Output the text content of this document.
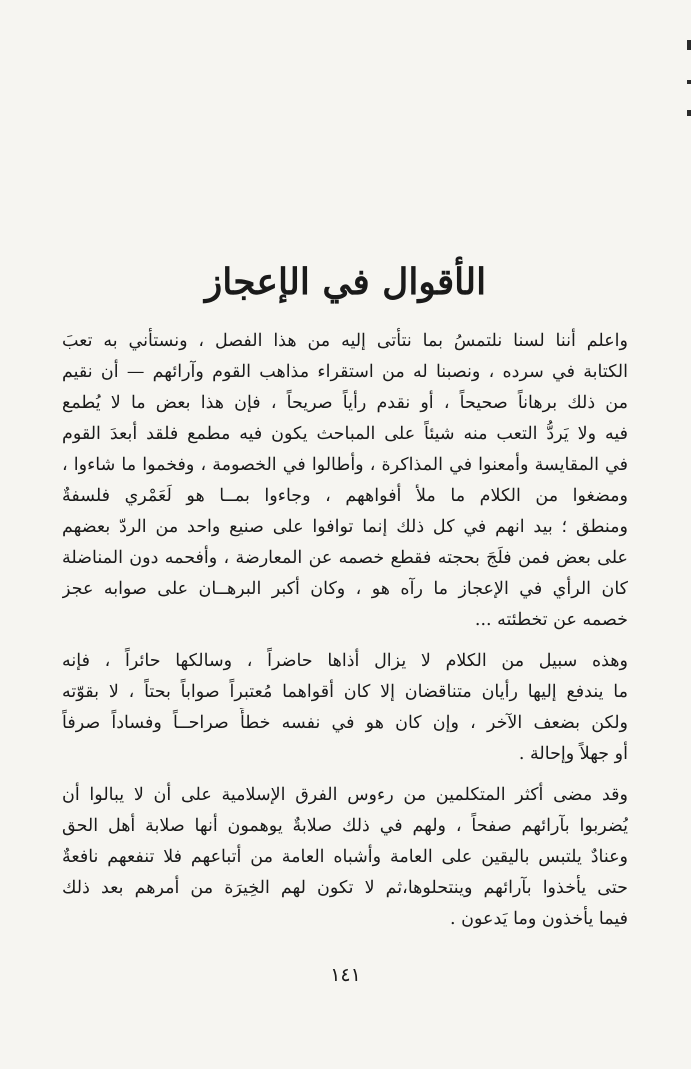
الأقوال في الإعجاز

واعلم أننا لسنا نلتمسُ بما نتأتى إليه من هذا الفصل ، ونستأني به تعبَ
الكتابة في سرده ، ونصبنا له من استقراء مذاهب القوم وآرائهم — أن نقيم
من ذلك برهاناً صحيحاً ، أو نقدم رأياً صريحاً ، فإن هذا بعض ما لا يُطمع
فيه ولا يَردُّ التعب منه شيئاً على المباحث يكون فيه مطمع فلقد أبعدَ القوم
في المقايسة وأمعنوا في المذاكرة ، وأطالوا في الخصومة ، وفخموا ما شاءوا ،
ومضغوا من الكلام ما ملأ أفواههم ، وجاءوا بمــا هو لَعَمْري فلسفةٌ
ومنطق ؛ بيد انهم في كل ذلك إنما توافوا على صنيع واحد من الردّ بعضهم
على بعض فمن فلَجَ بحجته فقطع خصمه عن المعارضة ، وأفحمه دون المناضلة
كان الرأي في الإعجاز ما رآه هو ، وكان أكبر البرهــان على صوابه عجز
خصمه عن تخطئته ...

وهذه سبيل من الكلام لا يزال أذاها حاضراً ، وسالكها حائراً ، فإنه
ما يندفع إليها رأيان متناقضان إلا كان أقواهما مُعتبراً صواباً بحتاً ، لا بقوّته
ولكن بضعف الآخر ، وإن كان هو في نفسه خطأً صراحــاً وفساداً صرفاً
أو جهلاً وإحالة .

وقد مضى أكثر المتكلمين من رءوس الفرق الإسلامية على أن لا يبالوا أن
يُضربوا بآرائهم صفحاً ، ولهم في ذلك صلابةٌ يوهمون أنها صلابة أهل الحق
وعنادٌ يلتبس باليقين على العامة وأشباه العامة من أتباعهم فلا تنفعهم نافعةٌ
حتى يأخذوا بآرائهم وينتحلوها،ثم لا تكون لهم الخِيرَة من أمرهم بعد ذلك
فيما يأخذون وما يَدعون .

١٤١
